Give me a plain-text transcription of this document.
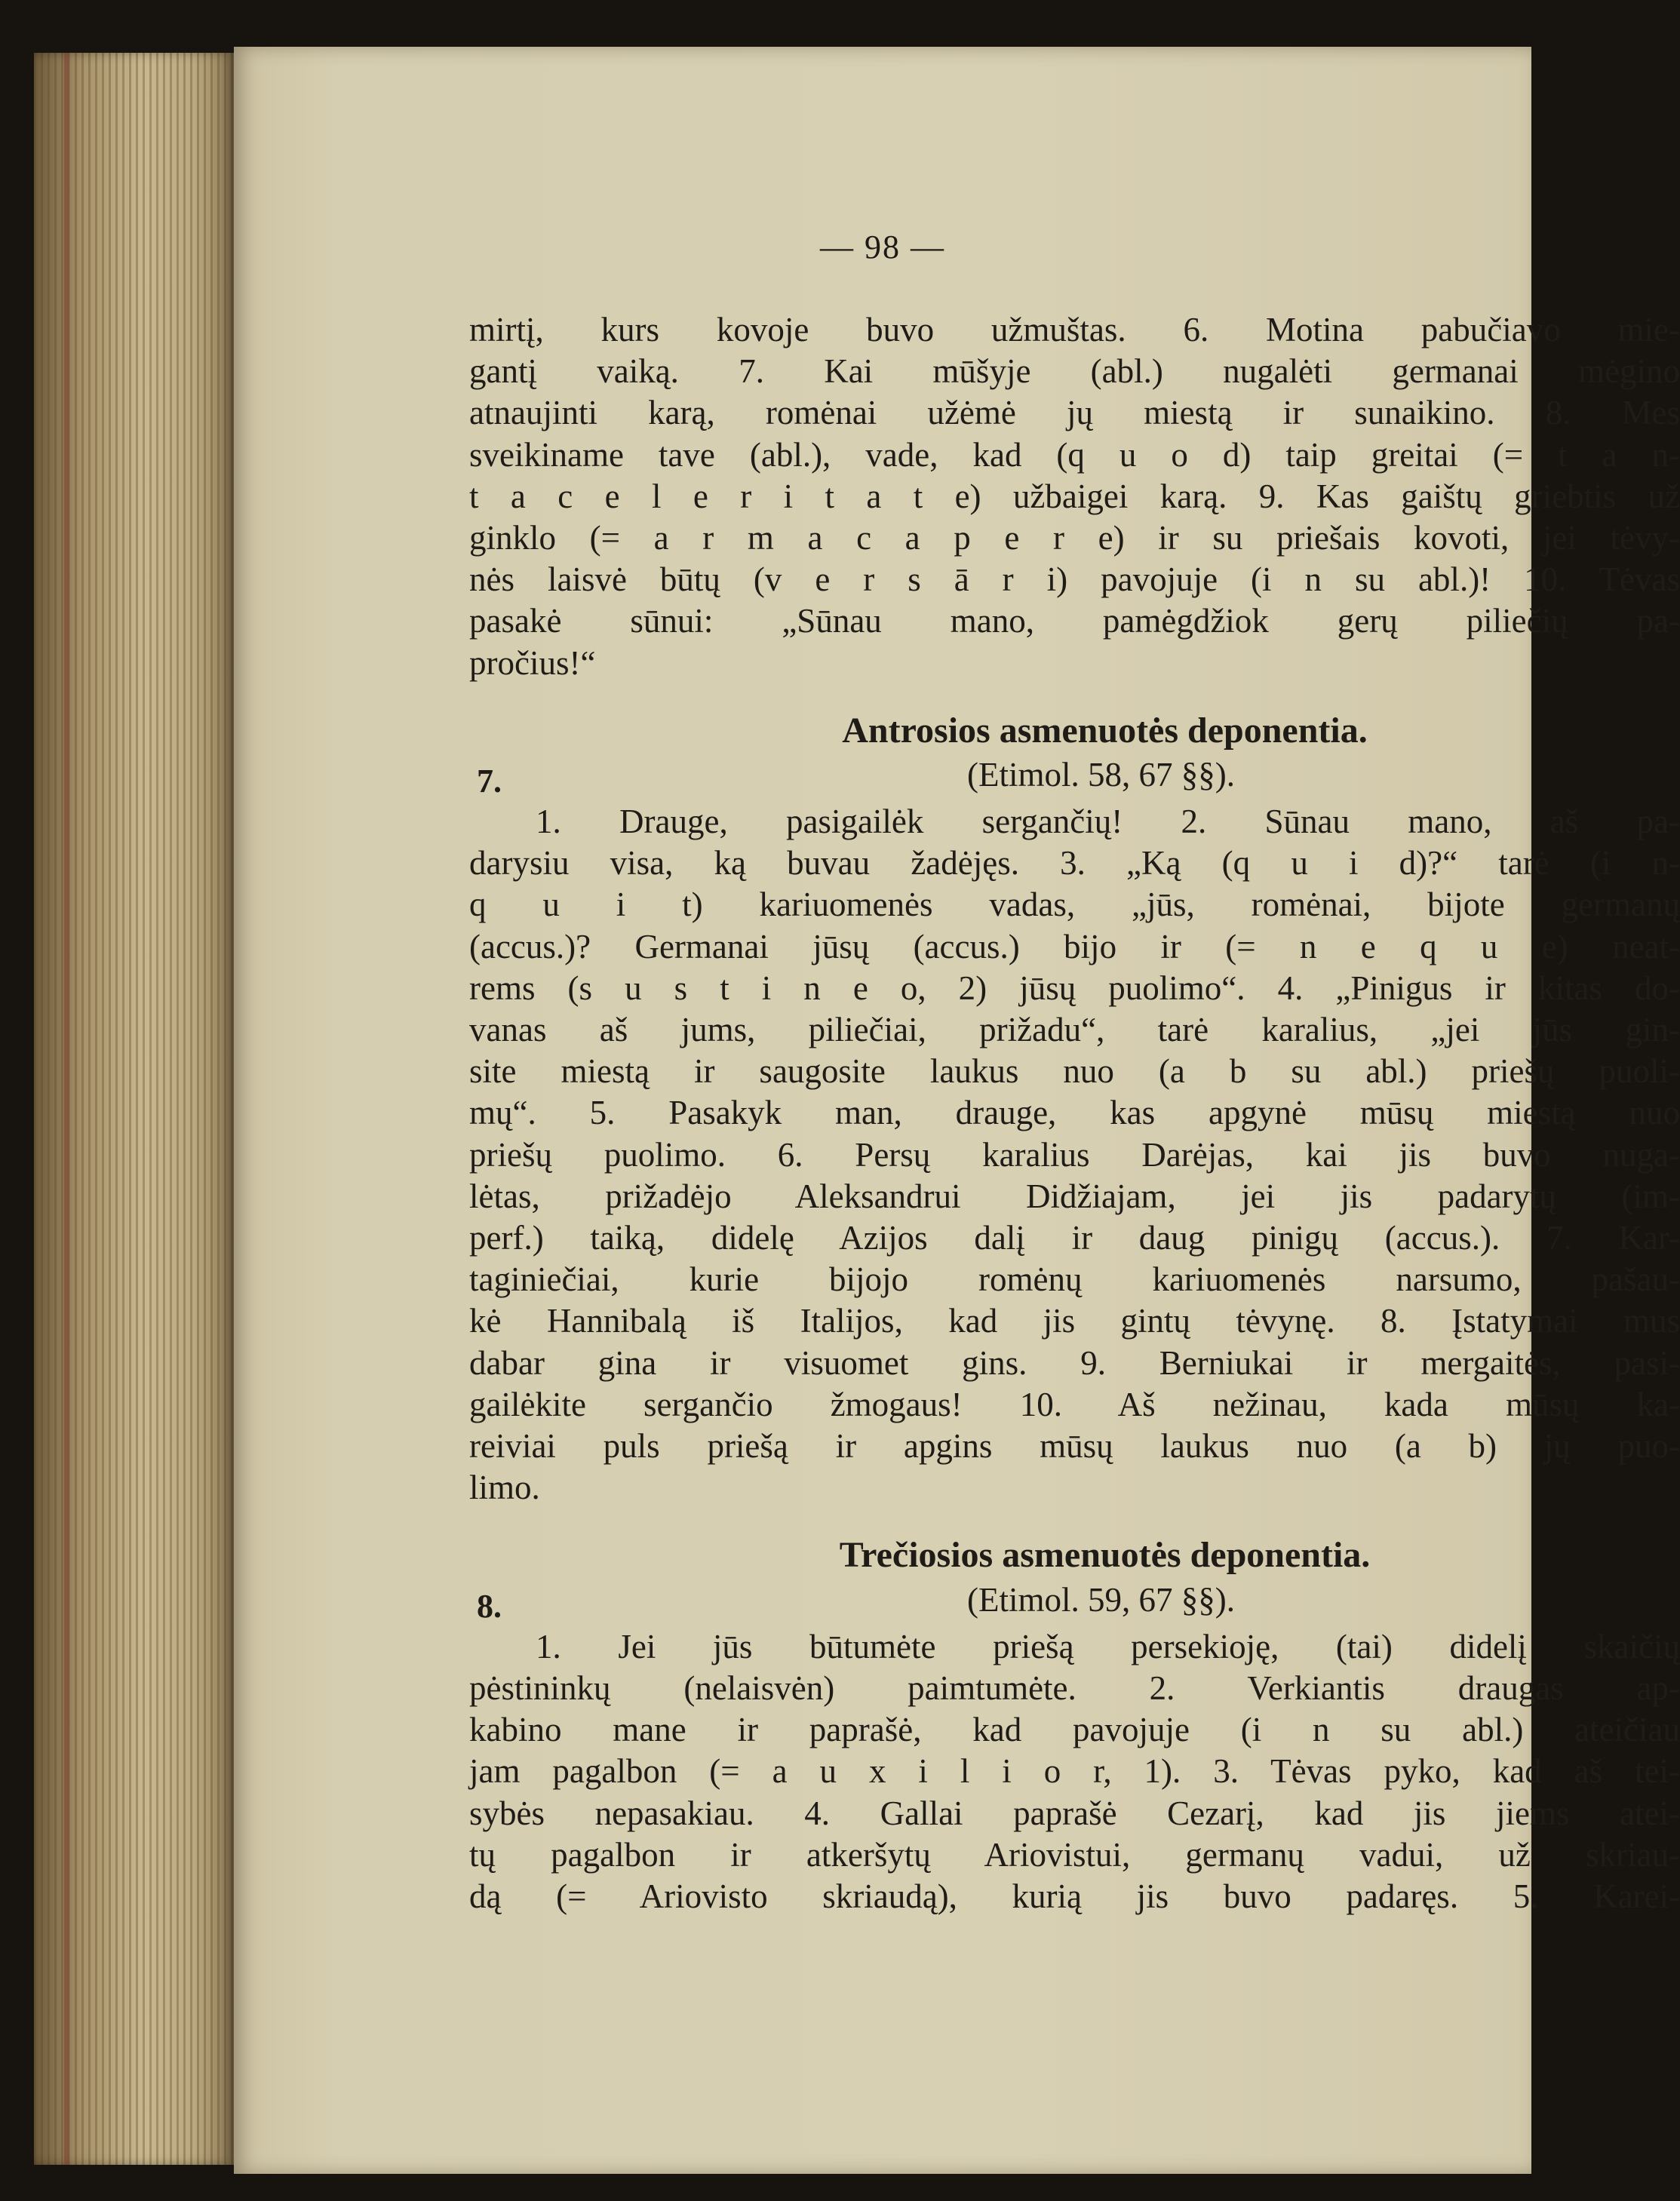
— 98 —
mirtį, kurs kovoje buvo užmuštas. 6. Motina pabučiavo mie-
gantį vaiką. 7. Kai mūšyje (abl.) nugalėti germanai mėgino
atnaujinti karą, romėnai užėmė jų miestą ir sunaikino. 8. Mes
sveikiname tave (abl.), vade, kad (q u o d) taip greitai (= t a n-
t a c e l e r i t a t e) užbaigei karą. 9. Kas gaištų griebtis už
ginklo (= a r m a c a p e r e) ir su priešais kovoti, jei tėvy-
nės laisvė būtų (v e r s ā r i) pavojuje (i n su abl.)! 10. Tėvas
pasakė sūnui: „Sūnau mano, pamėgdžiok gerų piliečių pa-
pročius!“
Antrosios asmenuotės deponentia.
7.	(Etimol. 58, 67 §§).
1. Drauge, pasigailėk sergančių! 2. Sūnau mano, aš pa-
darysiu visa, ką buvau žadėjęs. 3. „Ką (q u i d)?“ tarė (i n-
q u i t) kariuomenės vadas, „jūs, romėnai, bijote germanų
(accus.)? Germanai jūsų (accus.) bijo ir (= n e q u e) neat-
rems (s u s t i n e o, 2) jūsų puolimo“. 4. „Pinigus ir kitas do-
vanas aš jums, piliečiai, prižadu“, tarė karalius, „jei jūs gin-
site miestą ir saugosite laukus nuo (a b su abl.) priešų puoli-
mų“. 5. Pasakyk man, drauge, kas apgynė mūsų miestą nuo
priešų puolimo. 6. Persų karalius Darėjas, kai jis buvo nuga-
lėtas, prižadėjo Aleksandrui Didžiajam, jei jis padarytų (im-
perf.) taiką, didelę Azijos dalį ir daug pinigų (accus.). 7. Kar-
taginiečiai, kurie bijojo romėnų kariuomenės narsumo, pašau-
kė Hannibalą iš Italijos, kad jis gintų tėvynę. 8. Įstatymai mus
dabar gina ir visuomet gins. 9. Berniukai ir mergaitės, pasi-
gailėkite sergančio žmogaus! 10. Aš nežinau, kada mūsų ka-
reiviai puls priešą ir apgins mūsų laukus nuo (a b) jų puo-
limo.
Trečiosios asmenuotės deponentia.
8.	(Etimol. 59, 67 §§).
1. Jei jūs būtumėte priešą persekioję, (tai) didelį skaičių
pėstininkų (nelaisvėn) paimtumėte. 2. Verkiantis draugas ap-
kabino mane ir paprašė, kad pavojuje (i n su abl.) ateičiau
jam pagalbon (= a u x i l i o r, 1). 3. Tėvas pyko, kad aš tei-
sybės nepasakiau. 4. Gallai paprašė Cezarį, kad jis jiems atei-
tų pagalbon ir atkeršytų Ariovistui, germanų vadui, už skriau-
dą (= Ariovisto skriaudą), kurią jis buvo padaręs. 5. Karei-
